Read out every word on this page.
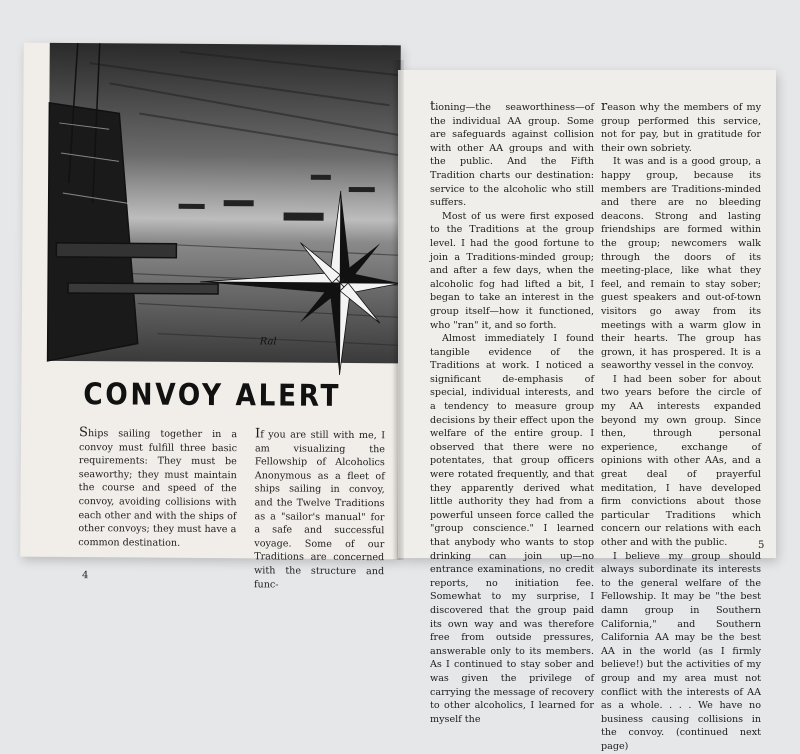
Ral
CONVOY ALERT

Ships sailing together in a convoy must fulfill three basic requirements: They must be seaworthy; they must maintain the course and speed of the convoy, avoiding collisions with each other and with the ships of other convoys; they must have a common destination.

If you are still with me, I am visualizing the Fellowship of Alcoholics Anonymous as a fleet of ships sailing in convoy, and the Twelve Traditions as a "sailor's manual" for a safe and successful voyage. Some of our Traditions are concerned with the structure and func-

4

tioning—the seaworthiness—of the individual AA group. Some are safeguards against collision with other AA groups and with the public. And the Fifth Tradition charts our destination: service to the alcoholic who still suffers.

Most of us were first exposed to the Traditions at the group level. I had the good fortune to join a Traditions-minded group; and after a few days, when the alcoholic fog had lifted a bit, I began to take an interest in the group itself—how it functioned, who "ran" it, and so forth.

Almost immediately I found tangible evidence of the Traditions at work. I noticed a significant de-emphasis of special, individual interests, and a tendency to measure group decisions by their effect upon the welfare of the entire group. I observed that there were no potentates, that group officers were rotated frequently, and that they apparently derived what little authority they had from a powerful unseen force called the "group conscience." I learned that anybody who wants to stop drinking can join up—no entrance examinations, no credit reports, no initiation fee. Somewhat to my surprise, I discovered that the group paid its own way and was therefore free from outside pressures, answerable only to its members. As I continued to stay sober and was given the privilege of carrying the message of recovery to other alcoholics, I learned for myself the

reason why the members of my group performed this service, not for pay, but in gratitude for their own sobriety.

It was and is a good group, a happy group, because its members are Traditions-minded and there are no bleeding deacons. Strong and lasting friendships are formed within the group; newcomers walk through the doors of its meeting-place, like what they feel, and remain to stay sober; guest speakers and out-of-town visitors go away from its meetings with a warm glow in their hearts. The group has grown, it has prospered. It is a seaworthy vessel in the convoy.

I had been sober for about two years before the circle of my AA interests expanded beyond my own group. Since then, through personal experience, exchange of opinions with other AAs, and a great deal of prayerful meditation, I have developed firm convictions about those particular Traditions which concern our relations with each other and with the public.

I believe my group should always subordinate its interests to the general welfare of the Fellowship. It may be "the best damn group in Southern California," and Southern California AA may be the best AA in the world (as I firmly believe!) but the activities of my group and my area must not conflict with the interests of AA as a whole. . . . We have no business causing collisions in the convoy. (continued next page)

5
